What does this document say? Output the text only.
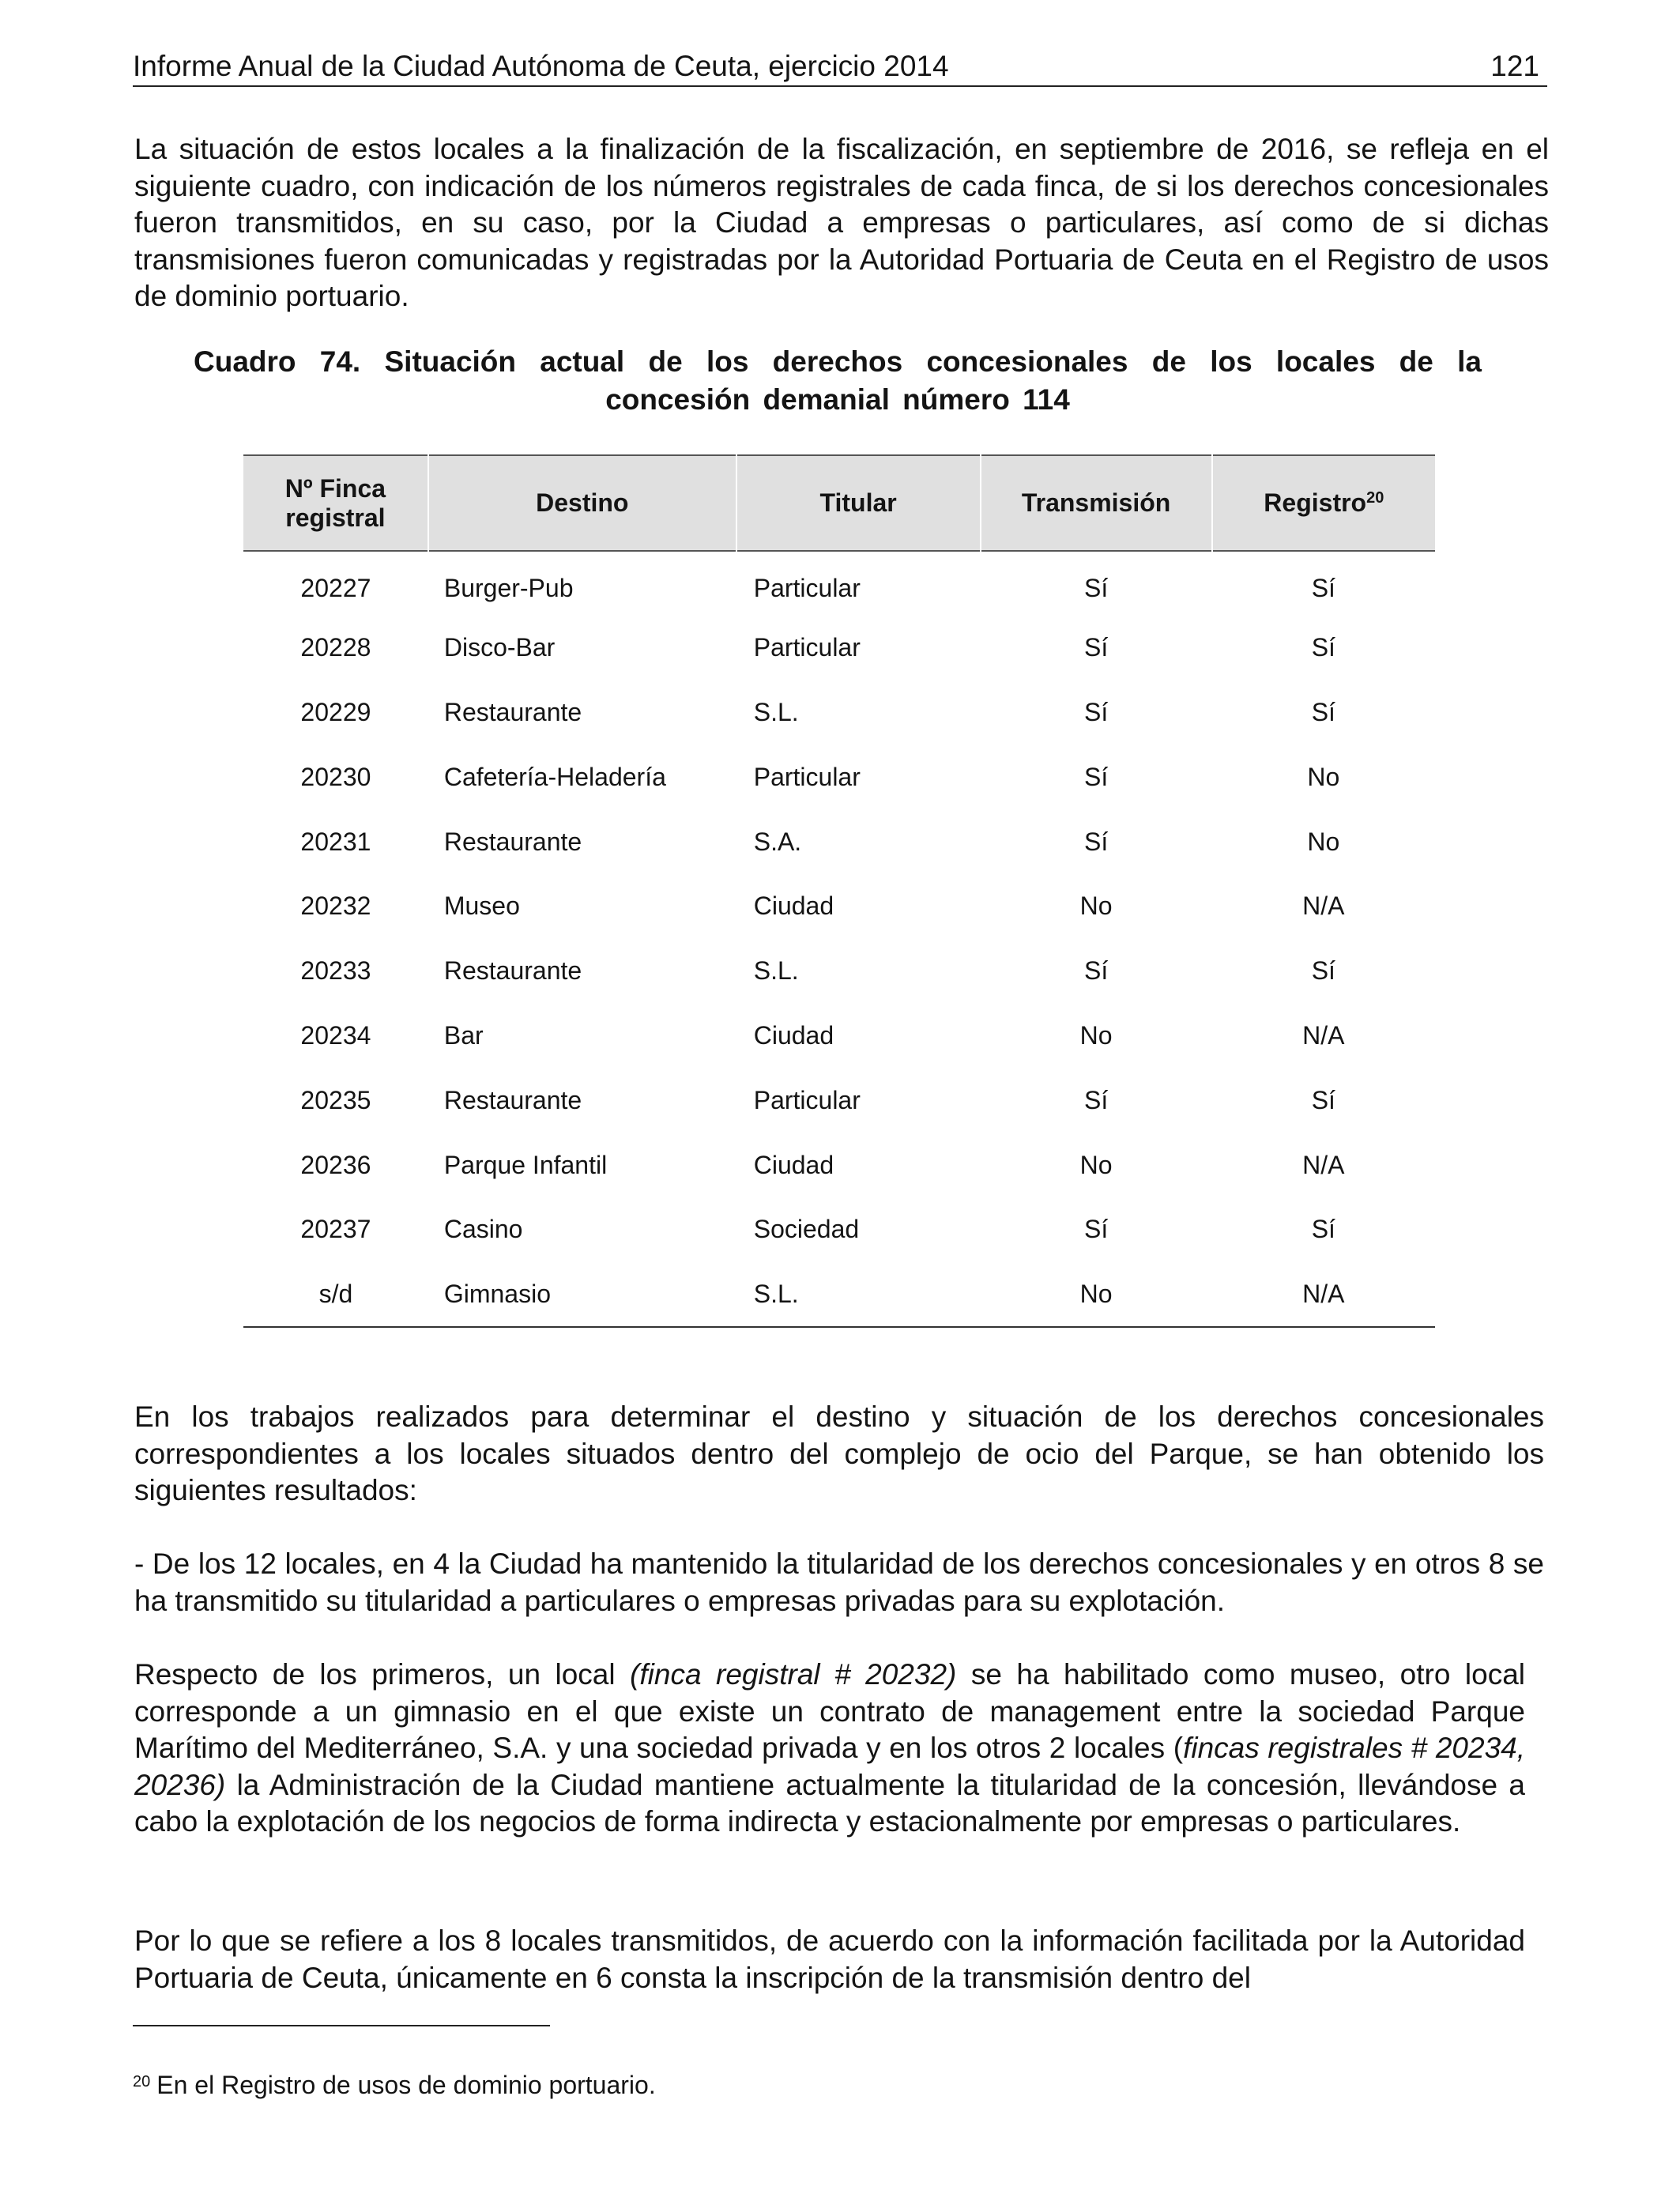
Informe Anual de la Ciudad Autónoma de Ceuta, ejercicio 2014	121

La situación de estos locales a la finalización de la fiscalización, en septiembre de 2016, se refleja en el siguiente cuadro, con indicación de los números registrales de cada finca, de si los derechos concesionales fueron transmitidos, en su caso, por la Ciudad a empresas o particulares, así como de si dichas transmisiones fueron comunicadas y registradas por la Autoridad Portuaria de Ceuta en el Registro de usos de dominio portuario.

Cuadro 74. Situación actual de los derechos concesionales de los locales de la concesión demanial número 114
Nº Finca registral	Destino	Titular	Transmisión	Registro$^{20}$
20227	Burger-Pub	Particular	Sí	Sí
20228	Disco-Bar	Particular	Sí	Sí
20229	Restaurante	S.L.	Sí	Sí
20230	Cafetería-Heladería	Particular	Sí	No
20231	Restaurante	S.A.	Sí	No
20232	Museo	Ciudad	No	N/A
20233	Restaurante	S.L.	Sí	Sí
20234	Bar	Ciudad	No	N/A
20235	Restaurante	Particular	Sí	Sí
20236	Parque Infantil	Ciudad	No	N/A
20237	Casino	Sociedad	Sí	Sí
s/d	Gimnasio	S.L.	No	N/A

En los trabajos realizados para determinar el destino y situación de los derechos concesionales correspondientes a los locales situados dentro del complejo de ocio del Parque, se han obtenido los siguientes resultados:

- De los 12 locales, en 4 la Ciudad ha mantenido la titularidad de los derechos concesionales y en otros 8 se ha transmitido su titularidad a particulares o empresas privadas para su explotación.

Respecto de los primeros, un local (finca registral # 20232) se ha habilitado como museo, otro local corresponde a un gimnasio en el que existe un contrato de management entre la sociedad Parque Marítimo del Mediterráneo, S.A. y una sociedad privada y en los otros 2 locales (fincas registrales # 20234, 20236) la Administración de la Ciudad mantiene actualmente la titularidad de la concesión, llevándose a cabo la explotación de los negocios de forma indirecta y estacionalmente por empresas o particulares.

Por lo que se refiere a los 8 locales transmitidos, de acuerdo con la información facilitada por la Autoridad Portuaria de Ceuta, únicamente en 6 consta la inscripción de la transmisión dentro del

$^{20}$ En el Registro de usos de dominio portuario.
